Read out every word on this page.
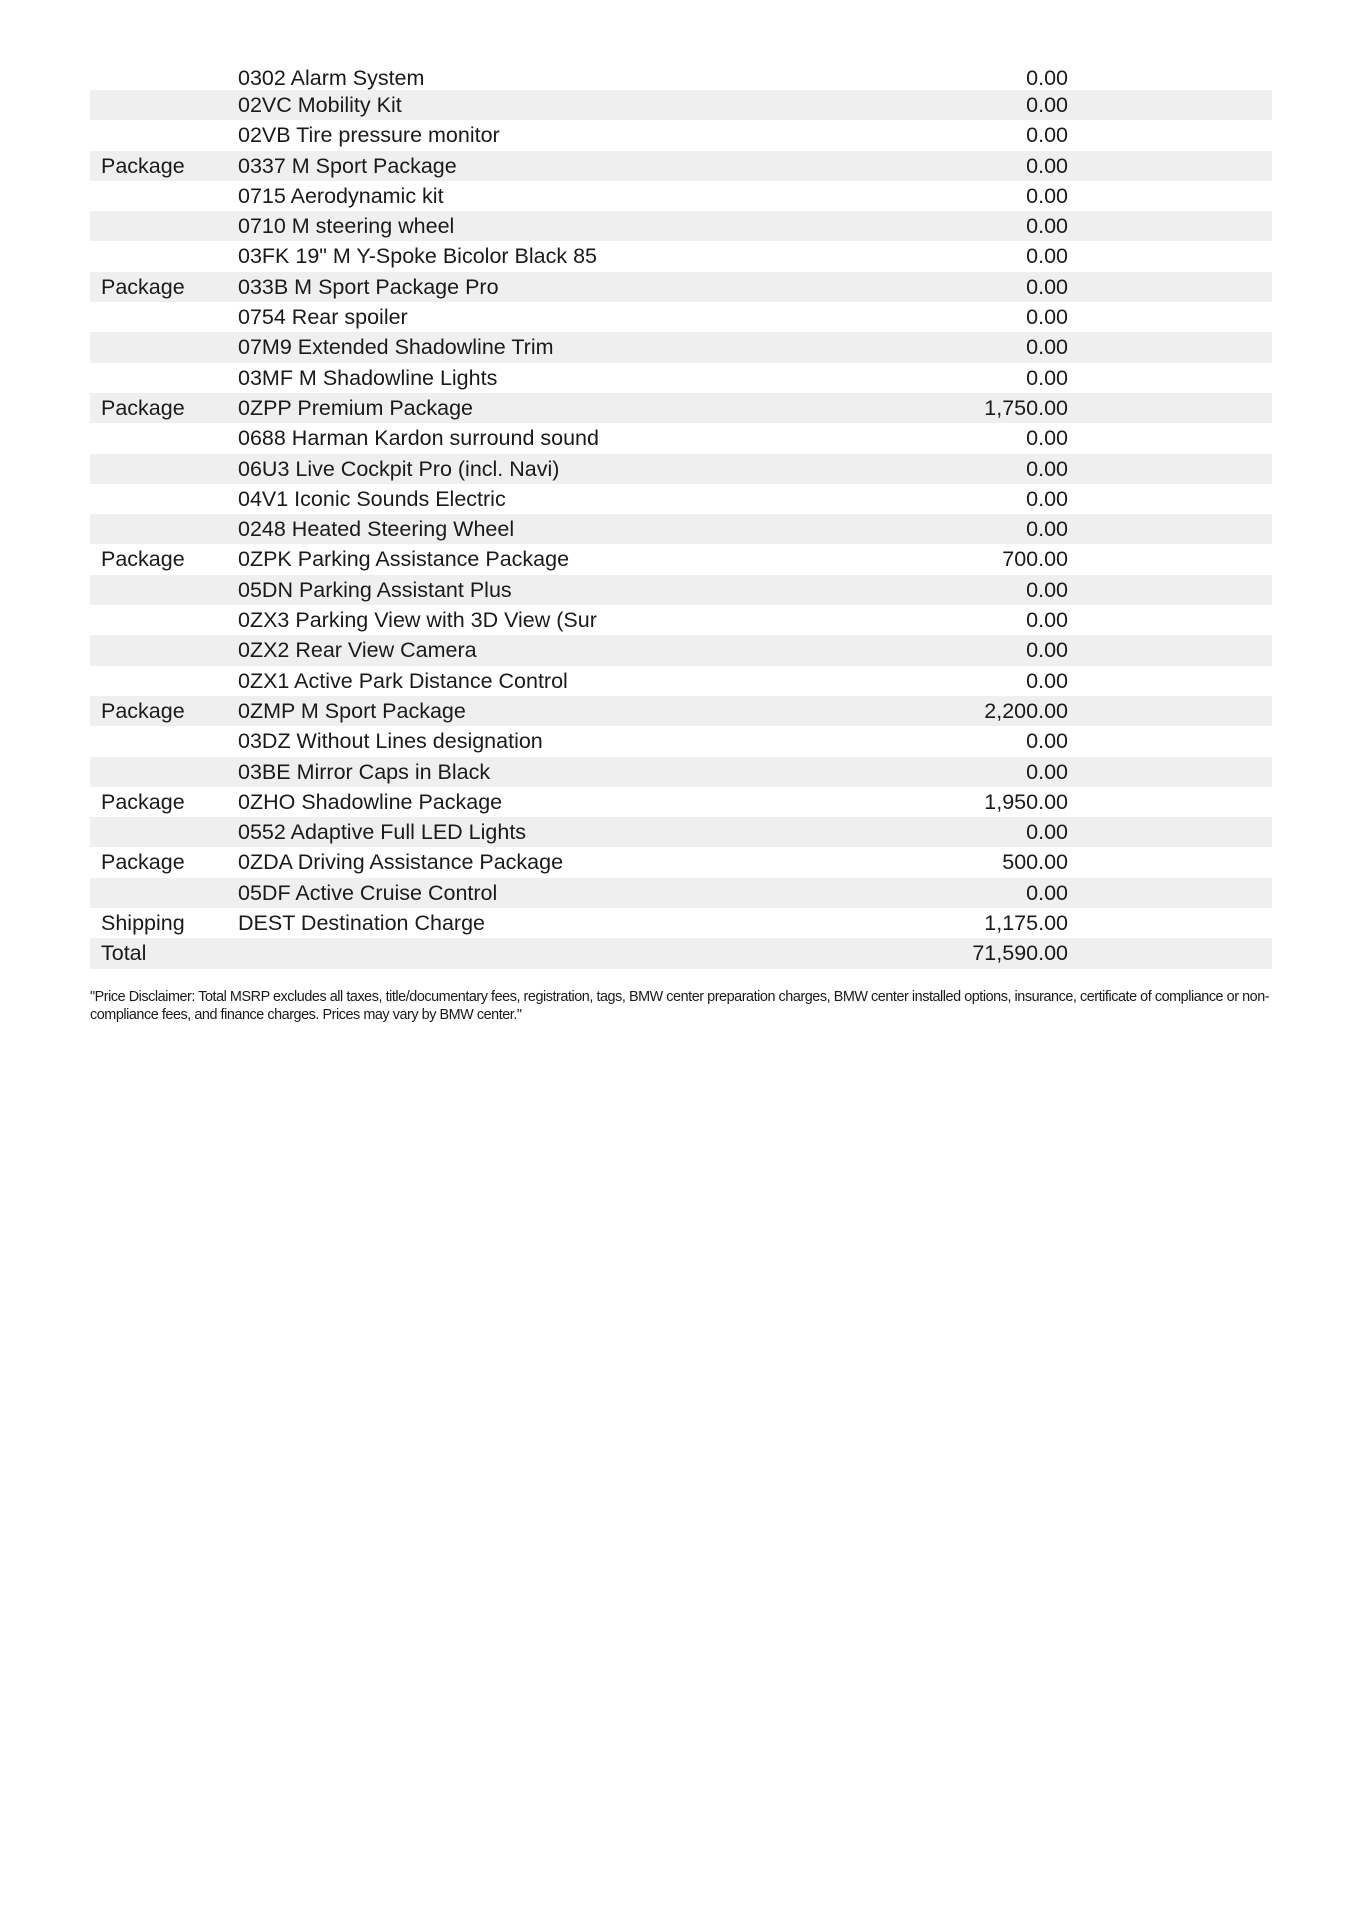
0302 Alarm System	0.00
02VC Mobility Kit	0.00
02VB Tire pressure monitor	0.00
Package 0337 M Sport Package	0.00
0715 Aerodynamic kit	0.00
0710 M steering wheel	0.00
03FK 19" M Y-Spoke Bicolor Black 85	0.00
Package 033B M Sport Package Pro	0.00
0754 Rear spoiler	0.00
07M9 Extended Shadowline Trim	0.00
03MF M Shadowline Lights	0.00
Package 0ZPP Premium Package	1,750.00
0688 Harman Kardon surround sound	0.00
06U3 Live Cockpit Pro (incl. Navi)	0.00
04V1 Iconic Sounds Electric	0.00
0248 Heated Steering Wheel	0.00
Package 0ZPK Parking Assistance Package	700.00
05DN Parking Assistant Plus	0.00
0ZX3 Parking View with 3D View (Sur	0.00
0ZX2 Rear View Camera	0.00
0ZX1 Active Park Distance Control	0.00
Package 0ZMP M Sport Package	2,200.00
03DZ Without Lines designation	0.00
03BE Mirror Caps in Black	0.00
Package 0ZHO Shadowline Package	1,950.00
0552 Adaptive Full LED Lights	0.00
Package 0ZDA Driving Assistance Package	500.00
05DF Active Cruise Control	0.00
Shipping DEST Destination Charge	1,175.00
Total	71,590.00
"Price Disclaimer: Total MSRP excludes all taxes, title/documentary fees, registration, tags, BMW center preparation charges, BMW center installed options, insurance, certificate of compliance or non-compliance fees, and finance charges. Prices may vary by BMW center."
